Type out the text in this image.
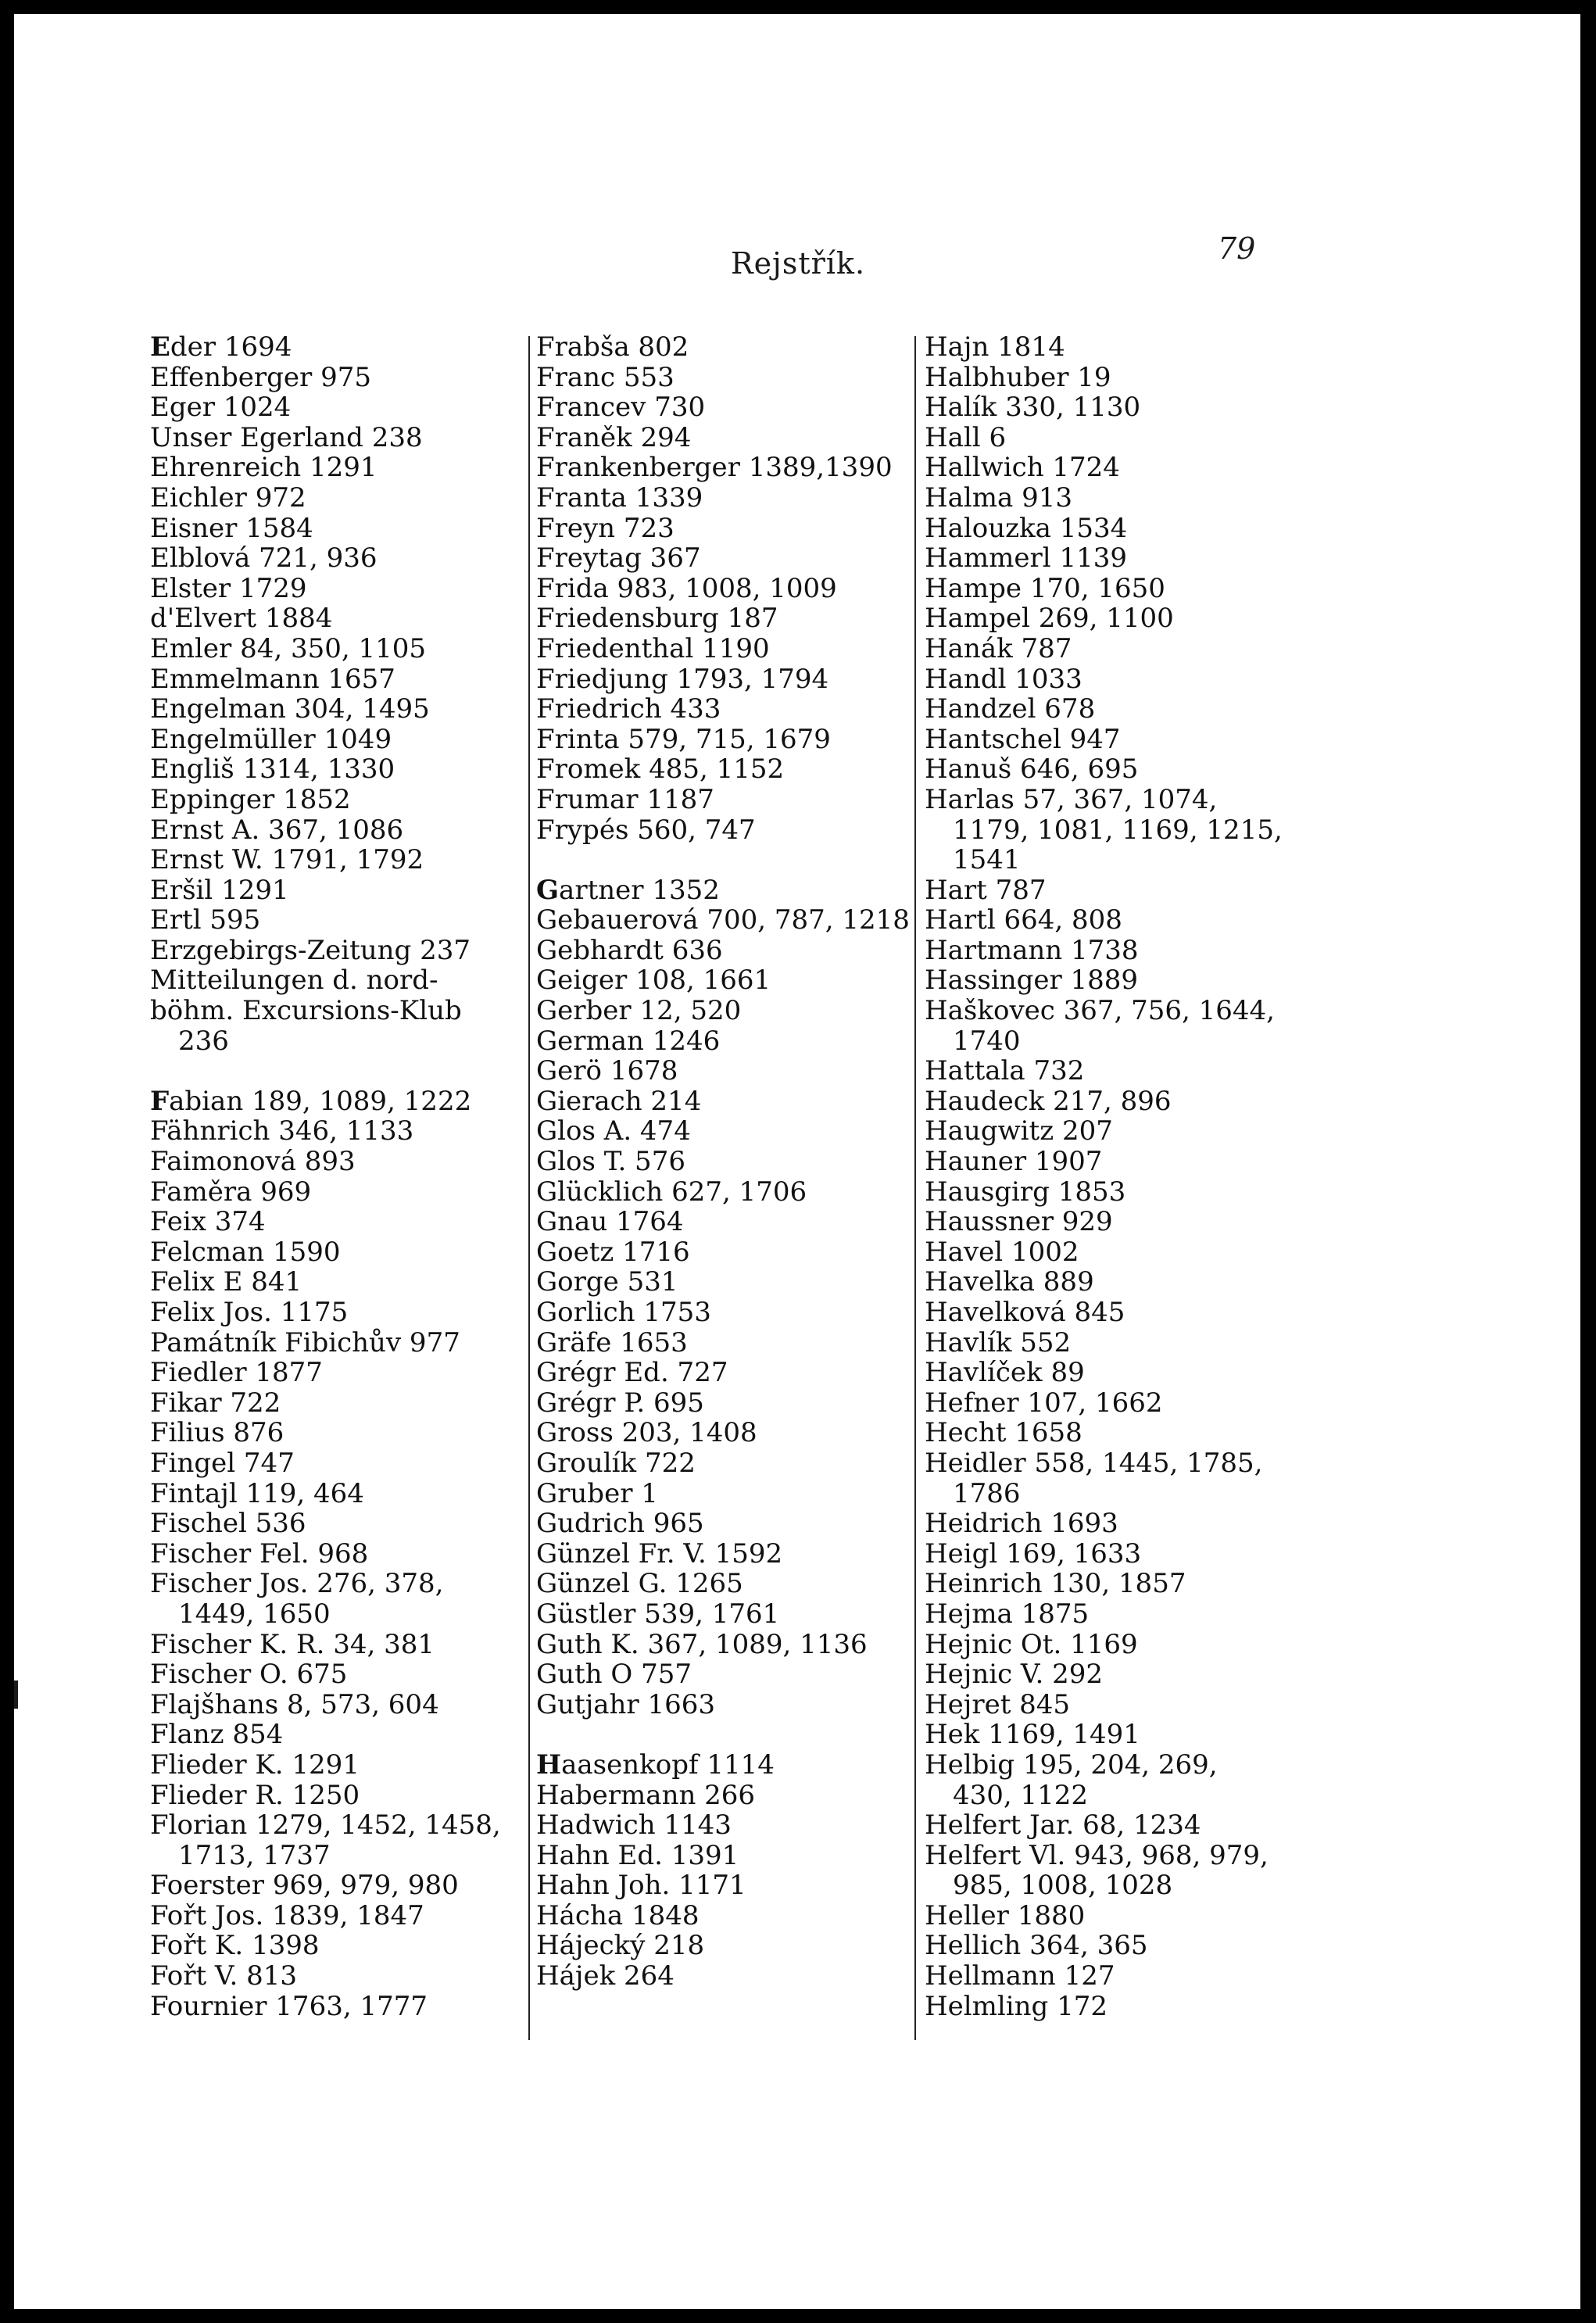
Rejstřík.	79
Eder 1694
Effenberger 975
Eger 1024
Unser Egerland 238
Ehrenreich 1291
Eichler 972
Eisner 1584
Elblová 721, 936
Elster 1729
d'Elvert 1884
Emler 84, 350, 1105
Emmelmann 1657
Engelman 304, 1495
Engelmüller 1049
Engliš 1314, 1330
Eppinger 1852
Ernst A. 367, 1086
Ernst W. 1791, 1792
Eršil 1291
Ertl 595
Erzgebirgs-Zeitung 237
Mitteilungen d. nord-
böhm. Excursions-Klub
236
Fabian 189, 1089, 1222
Fähnrich 346, 1133
Faimonová 893
Faměra 969
Feix 374
Felcman 1590
Felix E 841
Felix Jos. 1175
Památník Fibichův 977
Fiedler 1877
Fikar 722
Filius 876
Fingel 747
Fintajl 119, 464
Fischel 536
Fischer Fel. 968
Fischer Jos. 276, 378,
1449, 1650
Fischer K. R. 34, 381
Fischer O. 675
Flajšhans 8, 573, 604
Flanz 854
Flieder K. 1291
Flieder R. 1250
Florian 1279, 1452, 1458,
1713, 1737
Foerster 969, 979, 980
Fořt Jos. 1839, 1847
Fořt K. 1398
Fořt V. 813
Fournier 1763, 1777
Frabša 802
Franc 553
Francev 730
Franěk 294
Frankenberger 1389,1390
Franta 1339
Freyn 723
Freytag 367
Frida 983, 1008, 1009
Friedensburg 187
Friedenthal 1190
Friedjung 1793, 1794
Friedrich 433
Frinta 579, 715, 1679
Fromek 485, 1152
Frumar 1187
Frypés 560, 747
Gartner 1352
Gebauerová 700, 787, 1218
Gebhardt 636
Geiger 108, 1661
Gerber 12, 520
German 1246
Gerö 1678
Gierach 214
Glos A. 474
Glos T. 576
Glücklich 627, 1706
Gnau 1764
Goetz 1716
Gorge 531
Gorlich 1753
Gräfe 1653
Grégr Ed. 727
Grégr P. 695
Gross 203, 1408
Groulík 722
Gruber 1
Gudrich 965
Günzel Fr. V. 1592
Günzel G. 1265
Güstler 539, 1761
Guth K. 367, 1089, 1136
Guth O 757
Gutjahr 1663
Haasenkopf 1114
Habermann 266
Hadwich 1143
Hahn Ed. 1391
Hahn Joh. 1171
Hácha 1848
Hájecký 218
Hájek 264
Hajn 1814
Halbhuber 19
Halík 330, 1130
Hall 6
Hallwich 1724
Halma 913
Halouzka 1534
Hammerl 1139
Hampe 170, 1650
Hampel 269, 1100
Hanák 787
Handl 1033
Handzel 678
Hantschel 947
Hanuš 646, 695
Harlas 57, 367, 1074,
1179, 1081, 1169, 1215,
1541
Hart 787
Hartl 664, 808
Hartmann 1738
Hassinger 1889
Haškovec 367, 756, 1644,
1740
Hattala 732
Haudeck 217, 896
Haugwitz 207
Hauner 1907
Hausgirg 1853
Haussner 929
Havel 1002
Havelka 889
Havelková 845
Havlík 552
Havlíček 89
Hefner 107, 1662
Hecht 1658
Heidler 558, 1445, 1785,
1786
Heidrich 1693
Heigl 169, 1633
Heinrich 130, 1857
Hejma 1875
Hejnic Ot. 1169
Hejnic V. 292
Hejret 845
Hek 1169, 1491
Helbig 195, 204, 269,
430, 1122
Helfert Jar. 68, 1234
Helfert Vl. 943, 968, 979,
985, 1008, 1028
Heller 1880
Hellich 364, 365
Hellmann 127
Helmling 172
